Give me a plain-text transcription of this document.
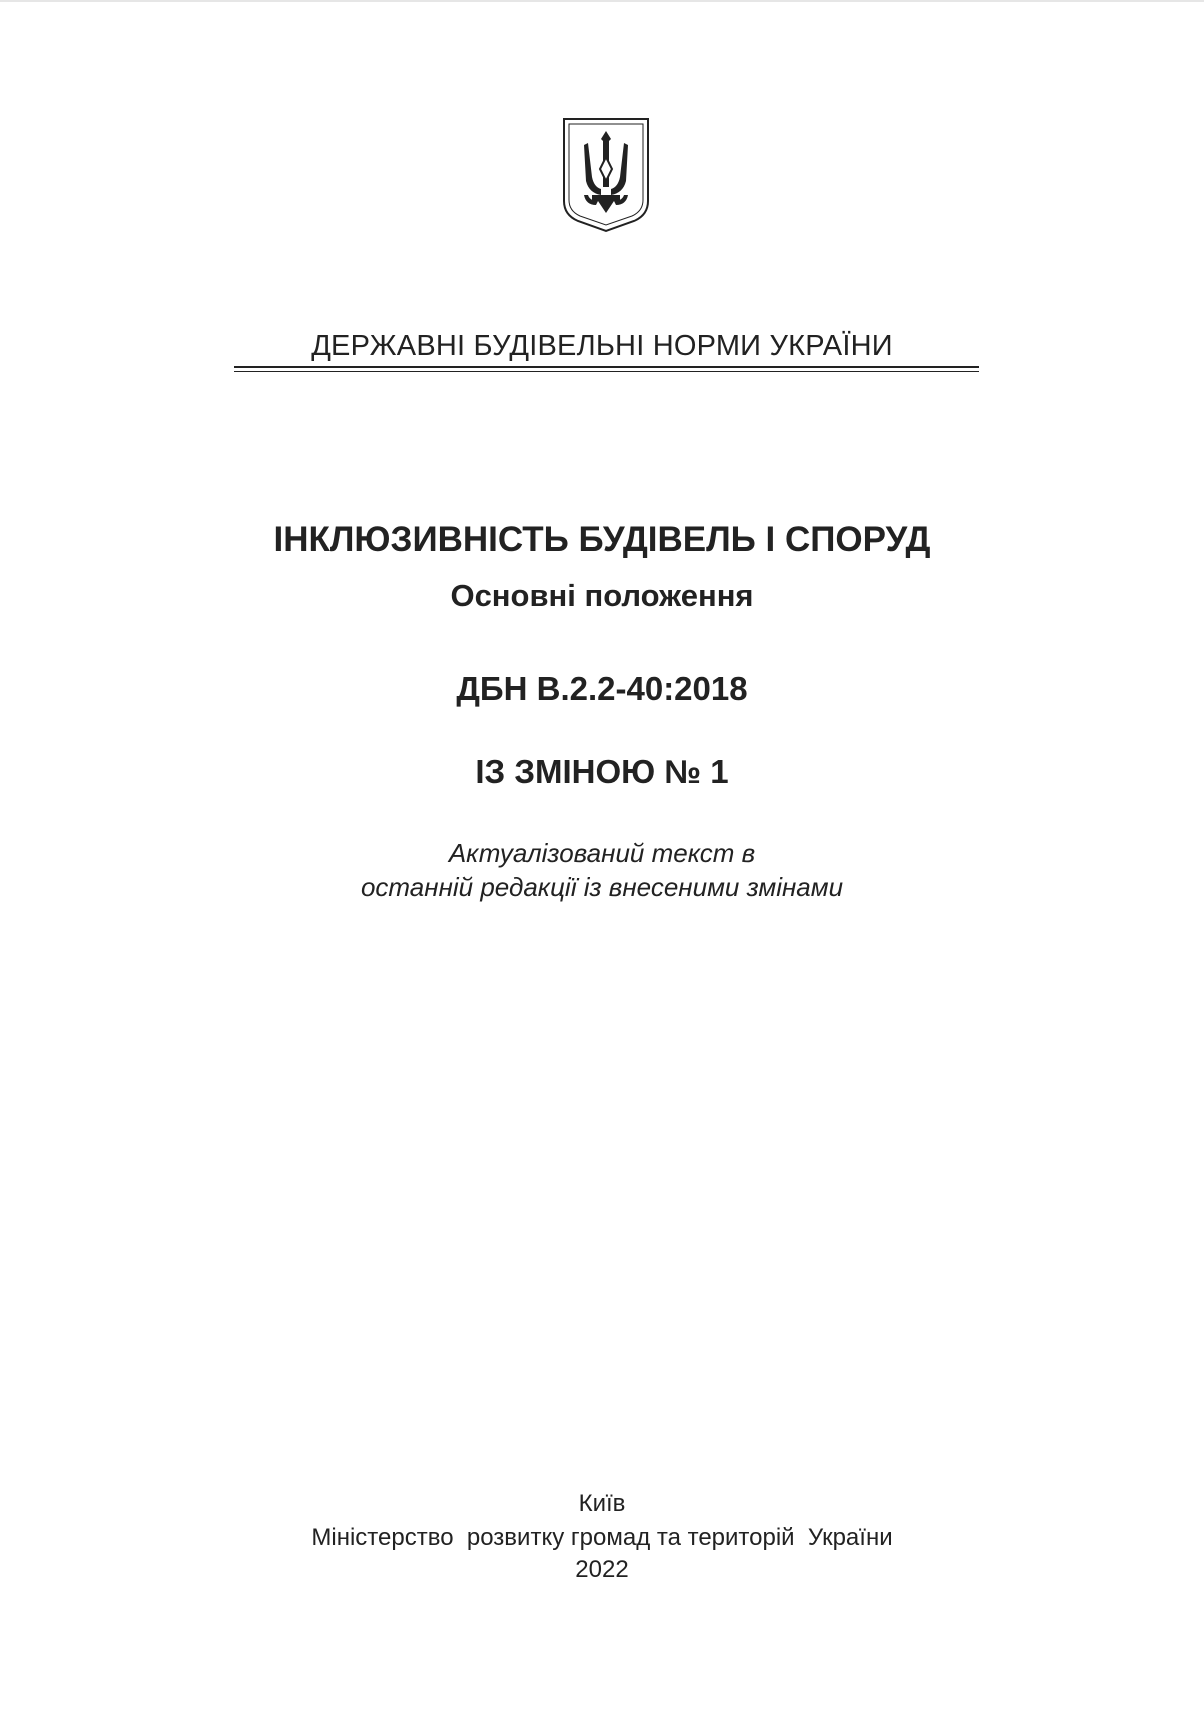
ДЕРЖАВНІ БУДІВЕЛЬНІ НОРМИ УКРАЇНИ
ІНКЛЮЗИВНІСТЬ БУДІВЕЛЬ І СПОРУД
Основні положення
ДБН В.2.2-40:2018
ІЗ ЗМІНОЮ № 1
Актуалізований текст в
останній редакції із внесеними змінами
Київ
Міністерство  розвитку громад та територій  України
2022
